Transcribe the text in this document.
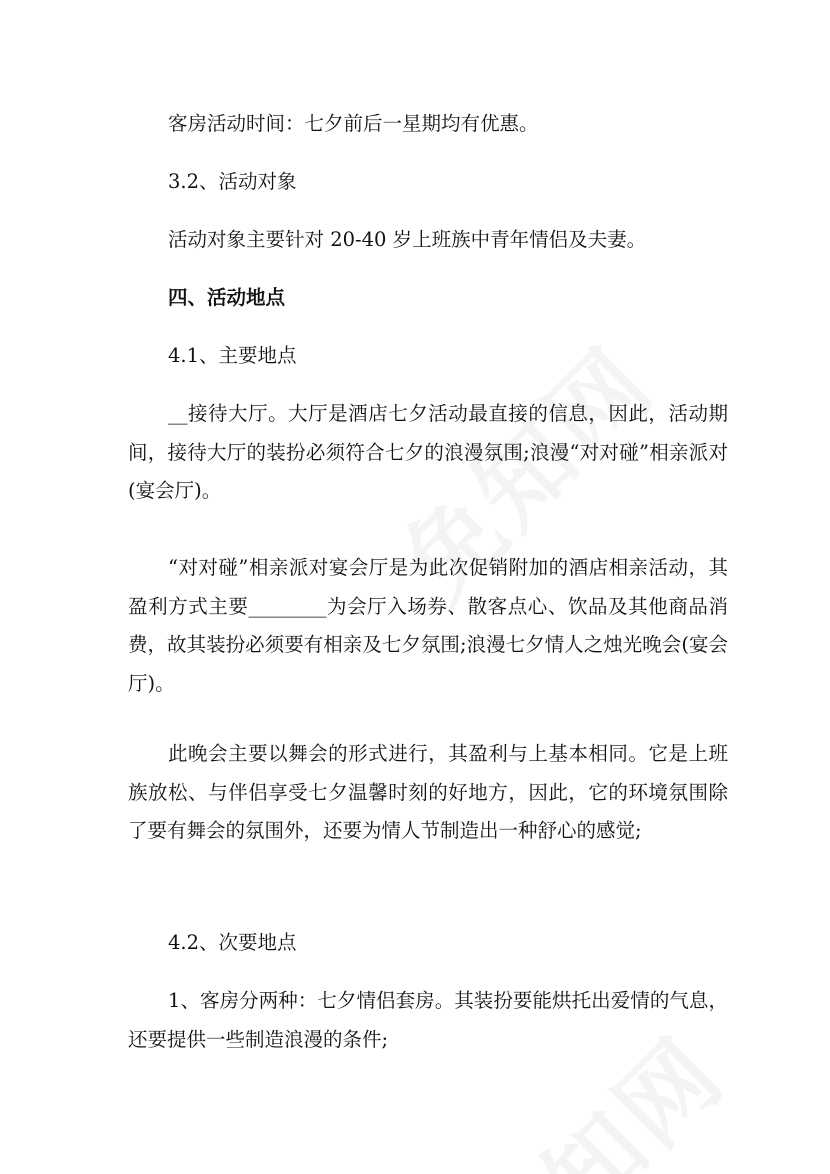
客房活动时间：七夕前后一星期均有优惠。

3.2、活动对象

活动对象主要针对 20-40 岁上班族中青年情侣及夫妻。

四、活动地点

4.1、主要地点

__接待大厅。大厅是酒店七夕活动最直接的信息，因此，活动期间，接待大厅的装扮必须符合七夕的浪漫氛围;浪漫“对对碰”相亲派对(宴会厅)。

“对对碰”相亲派对宴会厅是为此次促销附加的酒店相亲活动，其盈利方式主要________为会厅入场券、散客点心、饮品及其他商品消费，故其装扮必须要有相亲及七夕氛围;浪漫七夕情人之烛光晚会(宴会厅)。

此晚会主要以舞会的形式进行，其盈利与上基本相同。它是上班族放松、与伴侣享受七夕温馨时刻的好地方，因此，它的环境氛围除了要有舞会的氛围外，还要为情人节制造出一种舒心的感觉;

4.2、次要地点

1、客房分两种：七夕情侣套房。其装扮要能烘托出爱情的气息，还要提供一些制造浪漫的条件;
